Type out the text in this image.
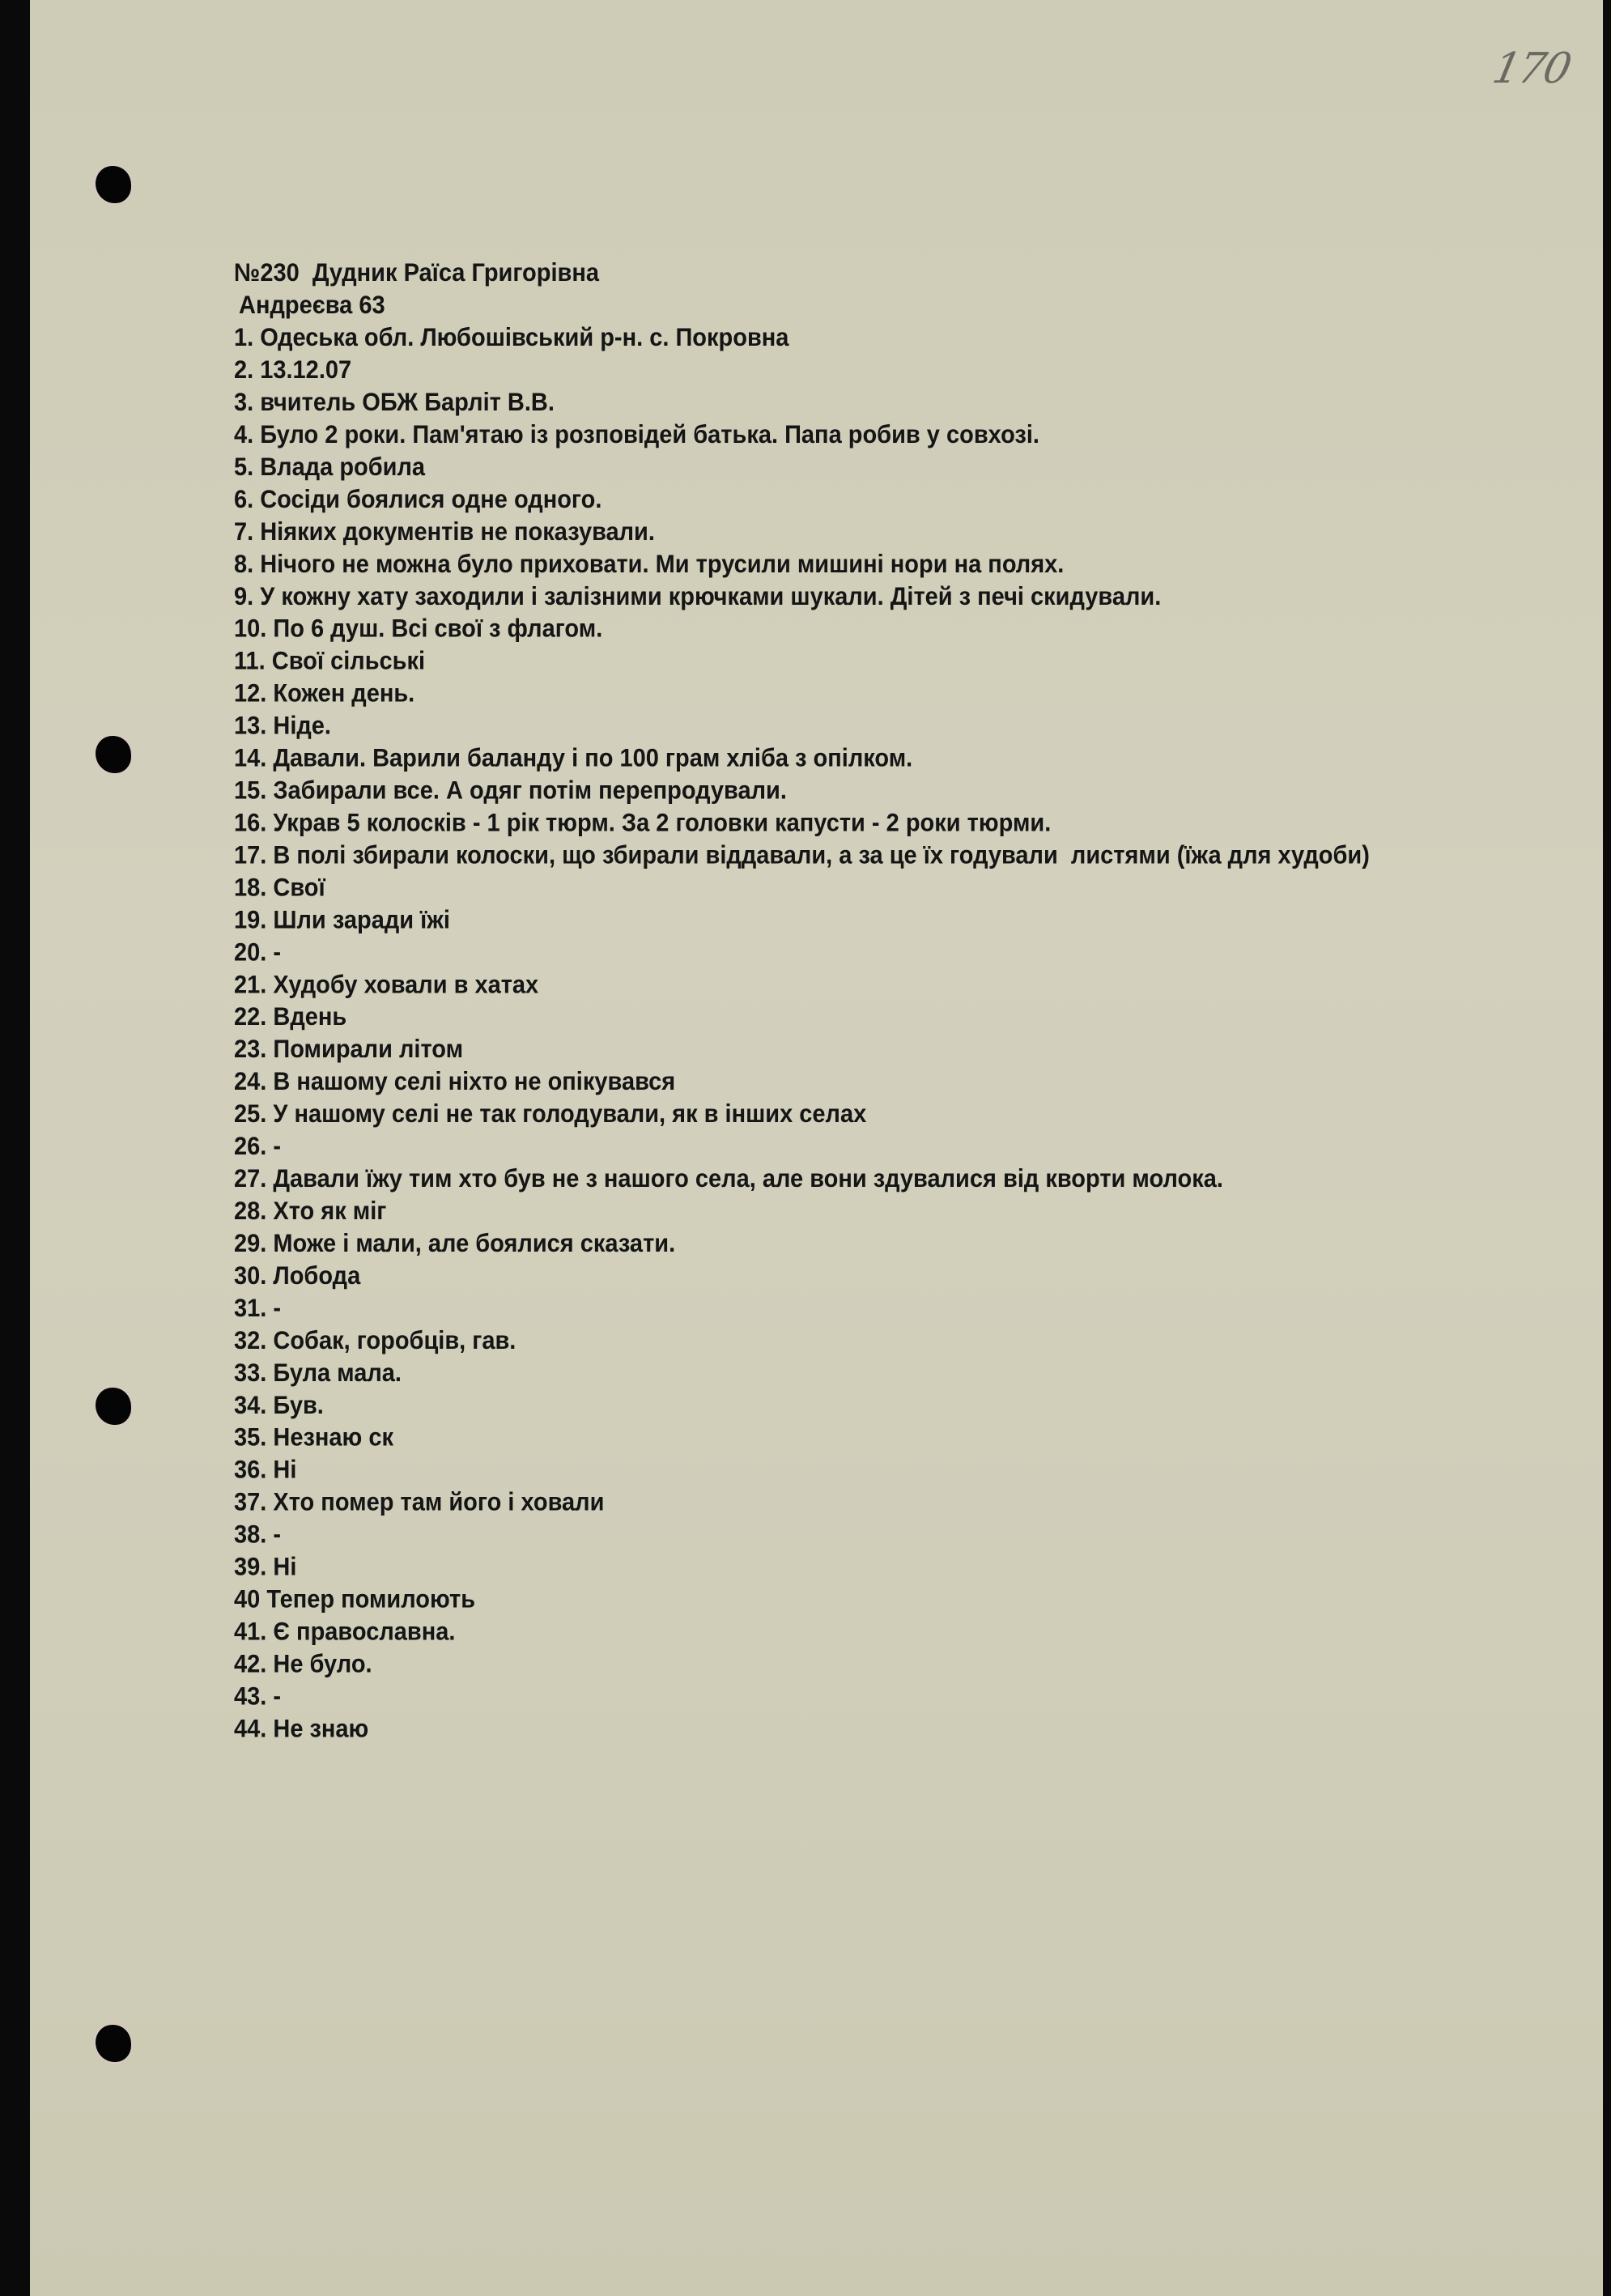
170
№230  Дудник Раїса Григорівна
Андреєва 63
1. Одеська обл. Любошівський р-н. с. Покровна
2. 13.12.07
3. вчитель ОБЖ Барліт В.В.
4. Було 2 роки. Пам'ятаю із розповідей батька. Папа робив у совхозі.
5. Влада робила
6. Сосіди боялися одне одного.
7. Ніяких документів не показували.
8. Нічого не можна було приховати. Ми трусили мишині нори на полях.
9. У кожну хату заходили і залізними крючками шукали. Дітей з печі скидували.
10. По 6 душ. Всі свої з флагом.
11. Свої сільські
12. Кожен день.
13. Ніде.
14. Давали. Варили баланду і по 100 грам хліба з опілком.
15. Забирали все. А одяг потім перепродували.
16. Украв 5 колосків - 1 рік тюрм. За 2 головки капусти - 2 роки тюрми.
17. В полі збирали колоски, що збирали віддавали, а за це їх годували  листями (їжа для худоби)
18. Свої
19. Шли заради їжі
20. -
21. Худобу ховали в хатах
22. Вдень
23. Помирали літом
24. В нашому селі ніхто не опікувався
25. У нашому селі не так голодували, як в інших селах
26. -
27. Давали їжу тим хто був не з нашого села, але вони здувалися від кворти молока.
28. Хто як міг
29. Може і мали, але боялися сказати.
30. Лобода
31. -
32. Собак, горобців, гав.
33. Була мала.
34. Був.
35. Незнаю ск
36. Ні
37. Хто помер там його і ховали
38. -
39. Ні
40 Тепер помилоють
41. Є православна.
42. Не було.
43. -
44. Не знаю
